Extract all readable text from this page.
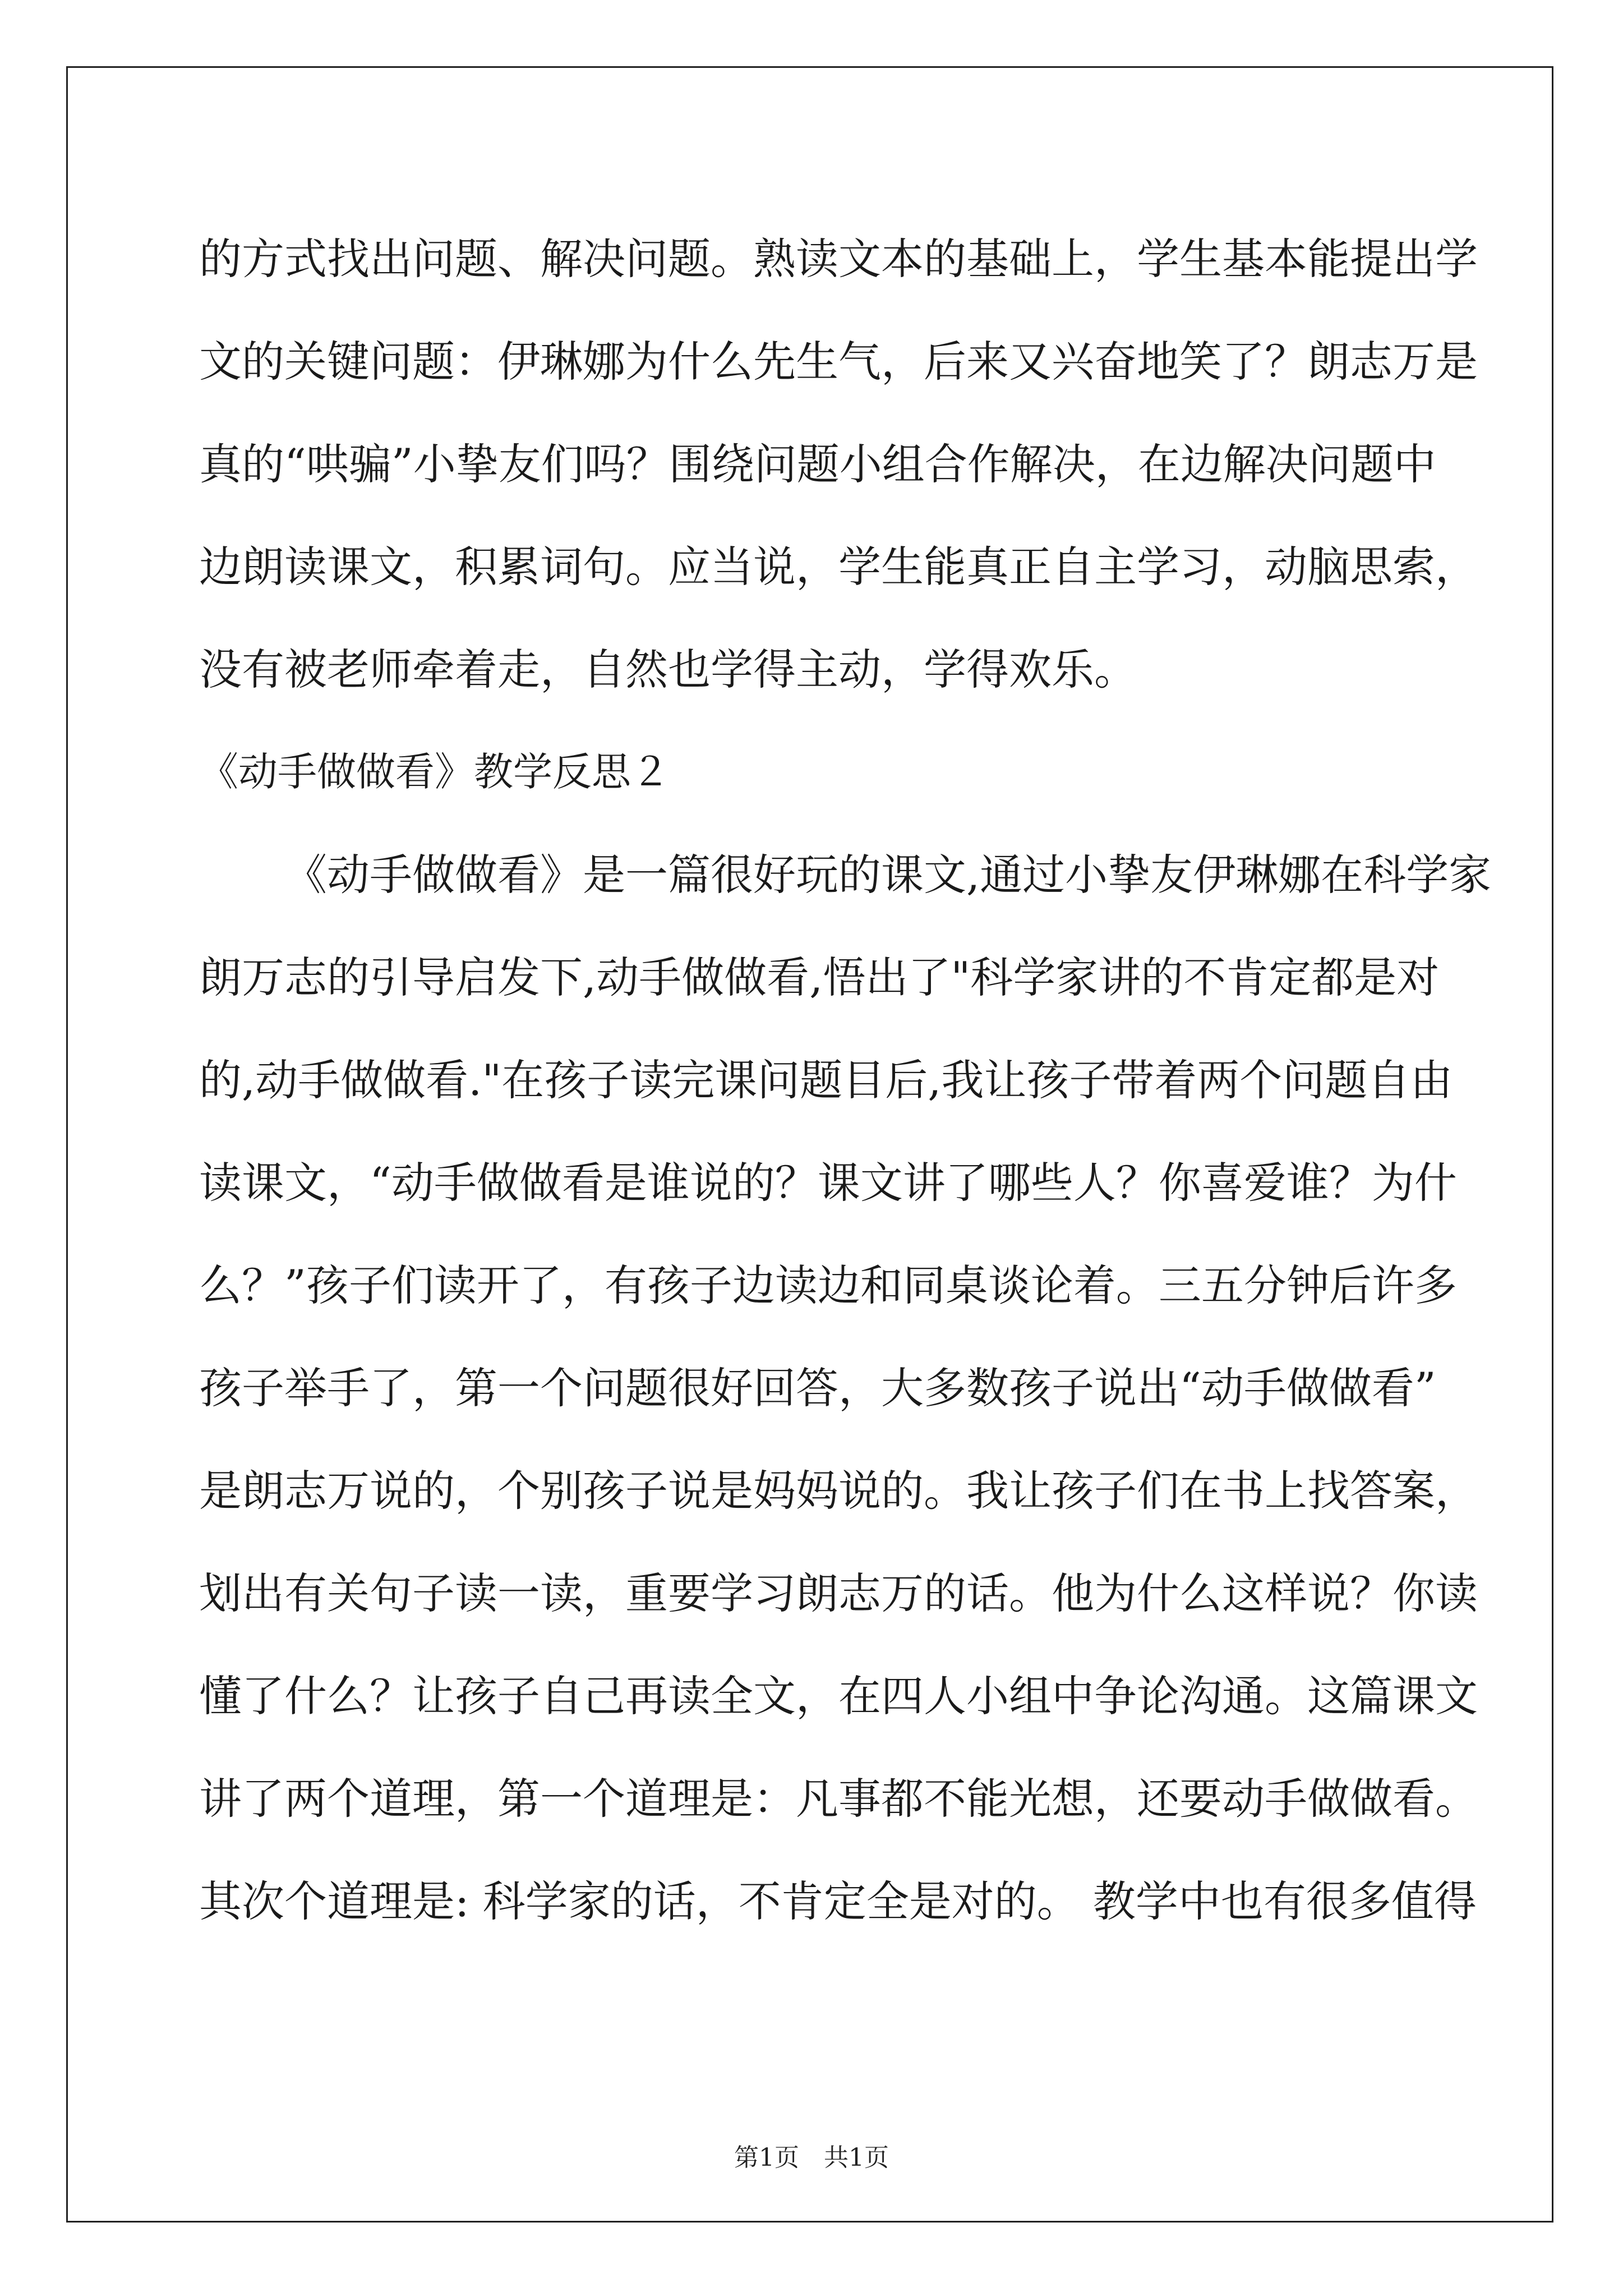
的方式找出问题、解决问题。熟读文本的基础上，学生基本能提出学
文的关键问题：伊琳娜为什么先生气，后来又兴奋地笑了？朗志万是
真的“哄骗”小挚友们吗？围绕问题小组合作解决，在边解决问题中
边朗读课文，积累词句。应当说，学生能真正自主学习，动脑思索，
没有被老师牵着走，自然也学得主动，学得欢乐。
《动手做做看》教学反思２
《动手做做看》是一篇很好玩的课文,通过小挚友伊琳娜在科学家
朗万志的引导启发下,动手做做看,悟出了"科学家讲的不肯定都是对
的,动手做做看."在孩子读完课问题目后,我让孩子带着两个问题自由
读课文，“动手做做看是谁说的？课文讲了哪些人？你喜爱谁？为什
么？”孩子们读开了，有孩子边读边和同桌谈论着。三五分钟后许多
孩子举手了，第一个问题很好回答，大多数孩子说出“动手做做看”
是朗志万说的，个别孩子说是妈妈说的。我让孩子们在书上找答案，
划出有关句子读一读，重要学习朗志万的话。他为什么这样说？你读
懂了什么？让孩子自己再读全文，在四人小组中争论沟通。这篇课文
讲了两个道理，第一个道理是：凡事都不能光想，还要动手做做看。
其次个道理是: 科学家的话，不肯定全是对的。 教学中也有很多值得
第1页　共1页
